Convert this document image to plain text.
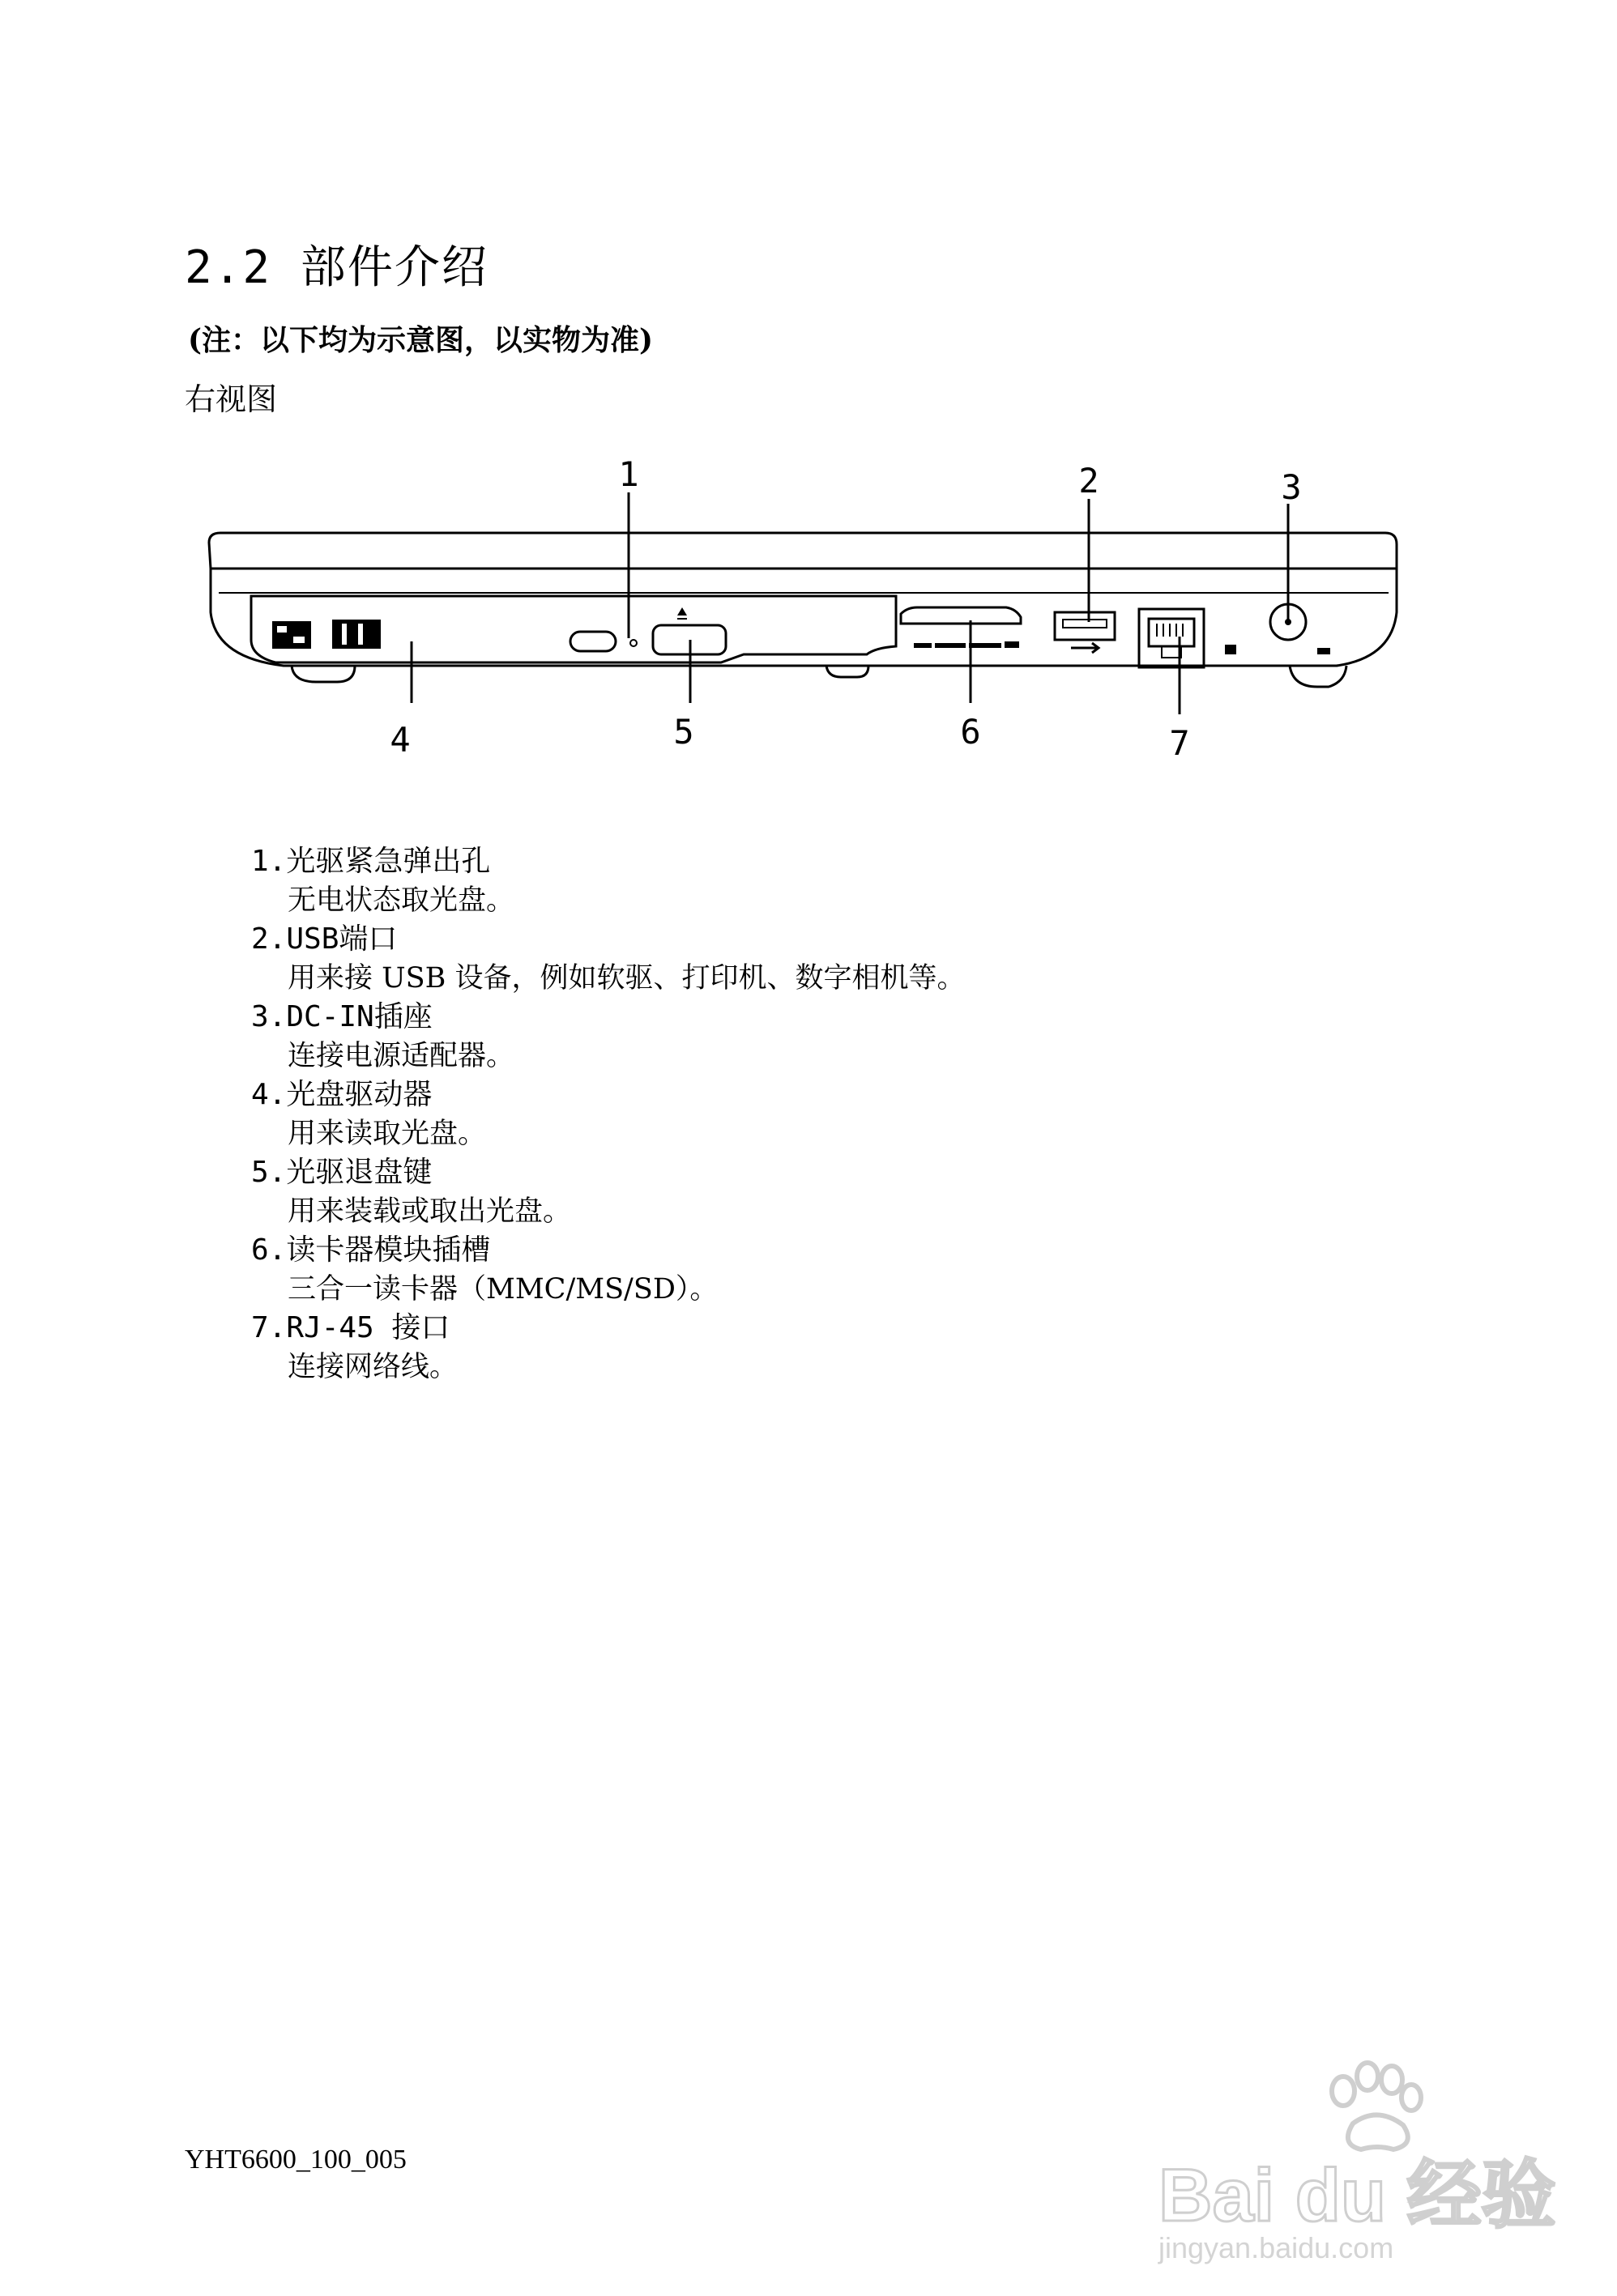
2.2 部件介绍
(注：以下均为示意图，以实物为准)
右视图
1	2	3
4	5	6	7
1.光驱紧急弹出孔
无电状态取光盘。
2.USB端口
用来接 USB 设备，例如软驱、打印机、数字相机等。
3.DC-IN插座
连接电源适配器。
4.光盘驱动器
用来读取光盘。
5.光驱退盘键
用来装载或取出光盘。
6.读卡器模块插槽
三合一读卡器（MMC/MS/SD）。
7.RJ-45 接口
连接网络线。
YHT6600_100_005	Bai du 经验
jingyan.baidu.com
